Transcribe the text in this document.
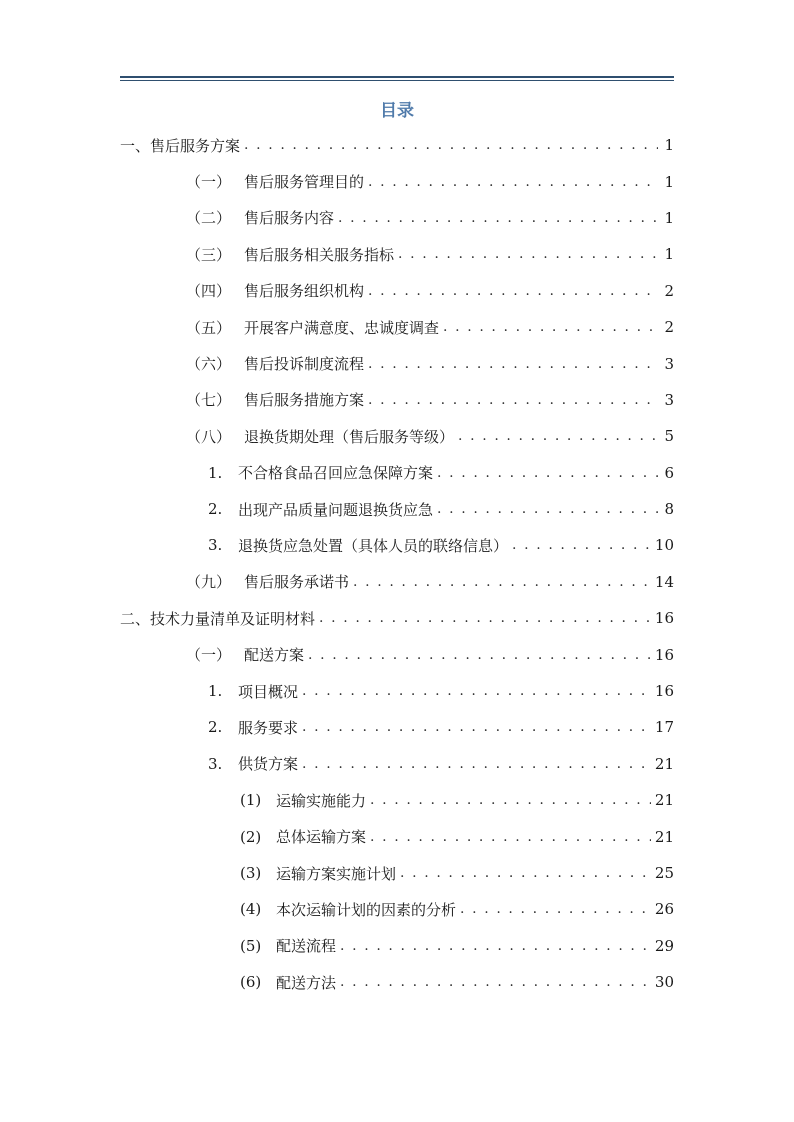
目录
一、售后服务方案 . . .	1
（一） 售后服务管理目的 . . .	1
（二） 售后服务内容 . . .	1
（三） 售后服务相关服务指标 . . .	1
（四） 售后服务组织机构 . . .	2
（五） 开展客户满意度、忠诚度调查 . . .	2
（六） 售后投诉制度流程 . . .	3
（七） 售后服务措施方案 . . .	3
（八） 退换货期处理（售后服务等级） . . .	5
1.	不合格食品召回应急保障方案 . . .	6
2.	出现产品质量问题退换货应急 . . .	8
3.	退换货应急处置（具体人员的联络信息） . . .	10
（九） 售后服务承诺书 . . .	14
二、技术力量清单及证明材料 . . .	16
（一） 配送方案 . . .	16
1.	项目概况 . . .	16
2.	服务要求 . . .	17
3.	供货方案 . . .	21
(1) 运输实施能力 . . .	21
(2) 总体运输方案 . . .	21
(3) 运输方案实施计划 . . .	25
(4) 本次运输计划的因素的分析 . . .	26
(5) 配送流程 . . .	29
(6) 配送方法 . . .	30
